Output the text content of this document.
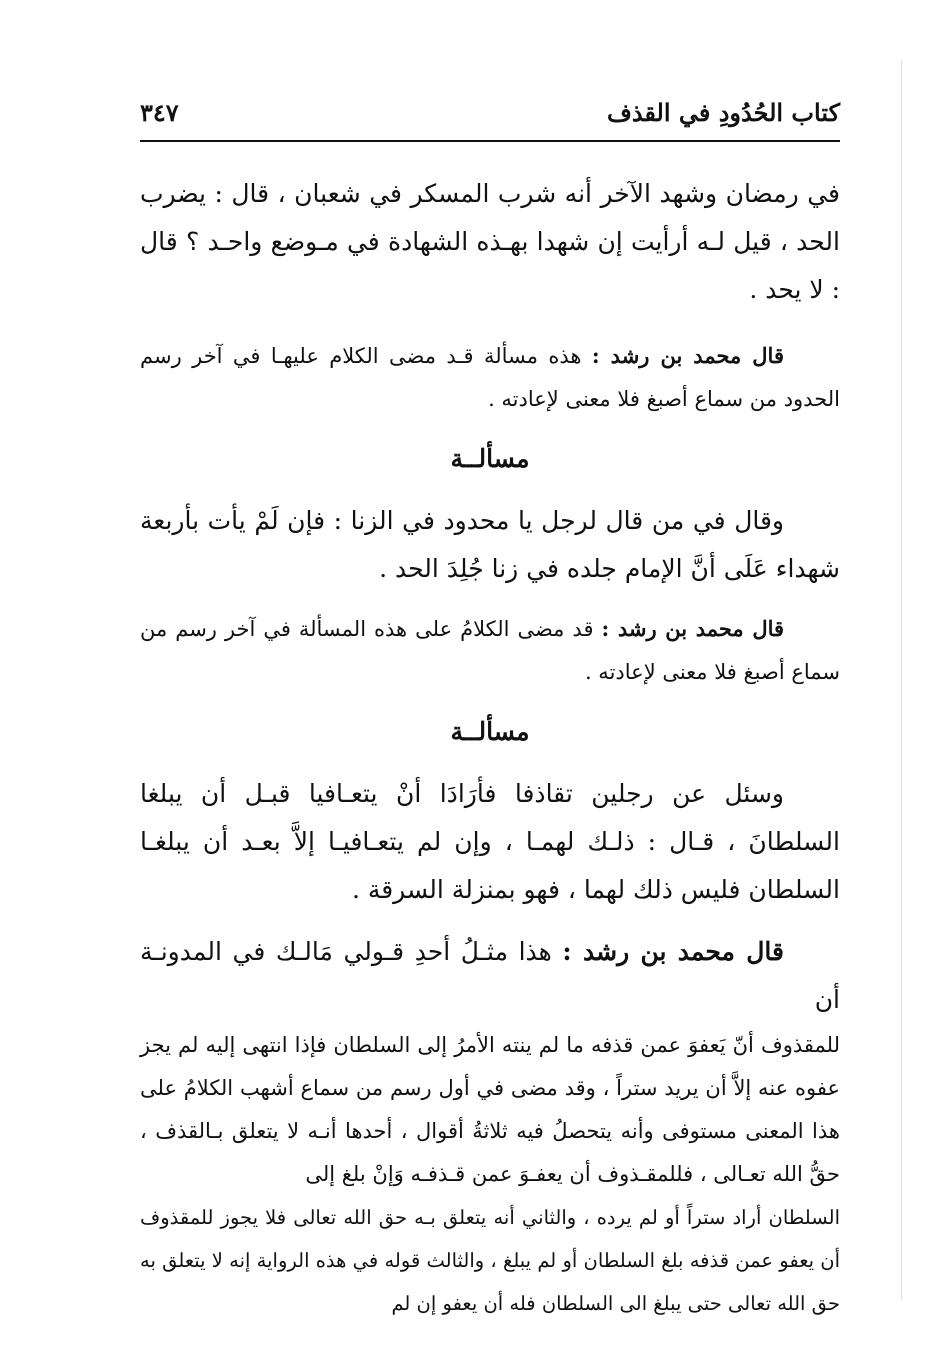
كتاب الحُدُودِ في القذف
٣٤٧

في رمضان وشهد الآخر أنه شرب المسكر في شعبان ، قال : يضرب الحد ، قيل لـه أرأيت إن شهدا بهـذه الشهادة في مـوضع واحـد ؟ قال : لا يحد .

قال محمد بن رشد : هذه مسألة قـد مضى الكلام عليهـا في آخر رسم الحدود من سماع أصبغ فلا معنى لإعادته .

مسألــة

وقال في من قال لرجل يا محدود في الزنا : فإن لَمْ يأت بأربعة شهداء عَلَى أنَّ الإمام جلده في زنا جُلِدَ الحد .

قال محمد بن رشد : قد مضى الكلامُ على هذه المسألة في آخر رسم من سماع أصبغ فلا معنى لإعادته .

مسألــة

وسئل عن رجلين تقاذفا فأرَادَا أنْ يتعـافيا قبـل أن يبلغا السلطانَ ، قـال : ذلـك لهمـا ، وإن لم يتعـافيـا إلاَّ بعـد أن يبلغـا السلطان فليس ذلك لهما ، فهو بمنزلة السرقة .

قال محمد بن رشد : هذا مثـلُ أحدِ قـولي مَالـك في المدونـة أن

للمقذوف أنّ يَعفوَ عمن قذفه ما لم ينته الأمرُ إلى السلطان فإذا انتهى إليه لم يجز عفوه عنه إلاَّ أن يريد ستراً ، وقد مضى في أول رسم من سماع أشهب الكلامُ على هذا المعنى مستوفى وأنه يتحصلُ فيه ثلاثةُ أقوال ، أحدها أنـه لا يتعلق بـالقذف ، حقُّ الله تعـالى ، فللمقـذوف أن يعفـوَ عمن قـذفـه وَإنْ بلغ إلى

السلطان أراد ستراً أو لم يرده ، والثاني أنه يتعلق بـه حق الله تعالى فلا يجوز للمقذوف أن يعفو عمن قذفه بلغ السلطان أو لم يبلغ ، والثالث قوله في هذه الرواية إنه لا يتعلق به حق الله تعالى حتى يبلغ الى السلطان فله أن يعفو إن لم
